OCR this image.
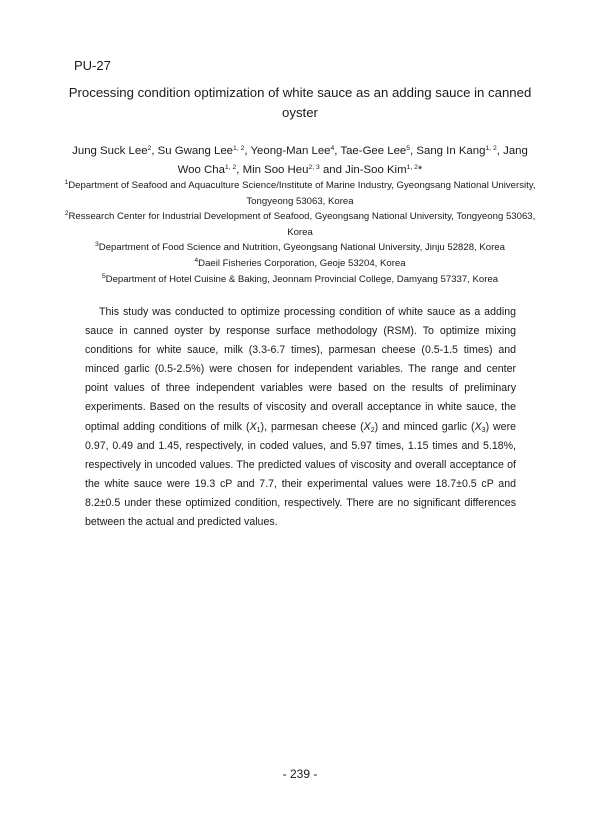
PU-27
Processing condition optimization of white sauce as an adding sauce in canned oyster
Jung Suck Lee$^2$, Su Gwang Lee$^{1, 2}$, Yeong-Man Lee$^4$, Tae-Gee Lee$^5$, Sang In Kang$^{1, 2}$, Jang Woo Cha$^{1, 2}$, Min Soo Heu$^{2, 3}$ and Jin-Soo Kim$^{1, 2}$*
$^1$Department of Seafood and Aquaculture Science/Institute of Marine Industry, Gyeongsang National University, Tongyeong 53063, Korea
$^2$Ressearch Center for Industrial Development of Seafood, Gyeongsang National University, Tongyeong 53063, Korea
$^3$Department of Food Science and Nutrition, Gyeongsang National University, Jinju 52828, Korea
$^4$Daeil Fisheries Corporation, Geoje 53204, Korea
$^5$Department of Hotel Cuisine & Baking, Jeonnam Provincial College, Damyang 57337, Korea

This study was conducted to optimize processing condition of white sauce as a adding sauce in canned oyster by response surface methodology (RSM). To optimize mixing conditions for white sauce, milk (3.3-6.7 times), parmesan cheese (0.5-1.5 times) and minced garlic (0.5-2.5%) were chosen for independent variables. The range and center point values of three independent variables were based on the results of preliminary experiments. Based on the results of viscosity and overall acceptance in white sauce, the optimal adding conditions of milk $(X_1)$, parmesan cheese $(X_2)$ and minced garlic $(X_3)$ were 0.97, 0.49 and 1.45, respectively, in coded values, and 5.97 times, 1.15 times and 5.18%, respectively in uncoded values. The predicted values of viscosity and overall acceptance of the white sauce were 19.3 cP and 7.7, their experimental values were 18.7±0.5 cP and 8.2±0.5 under these optimized condition, respectively. There are no significant differences between the actual and predicted values.

- 239 -
